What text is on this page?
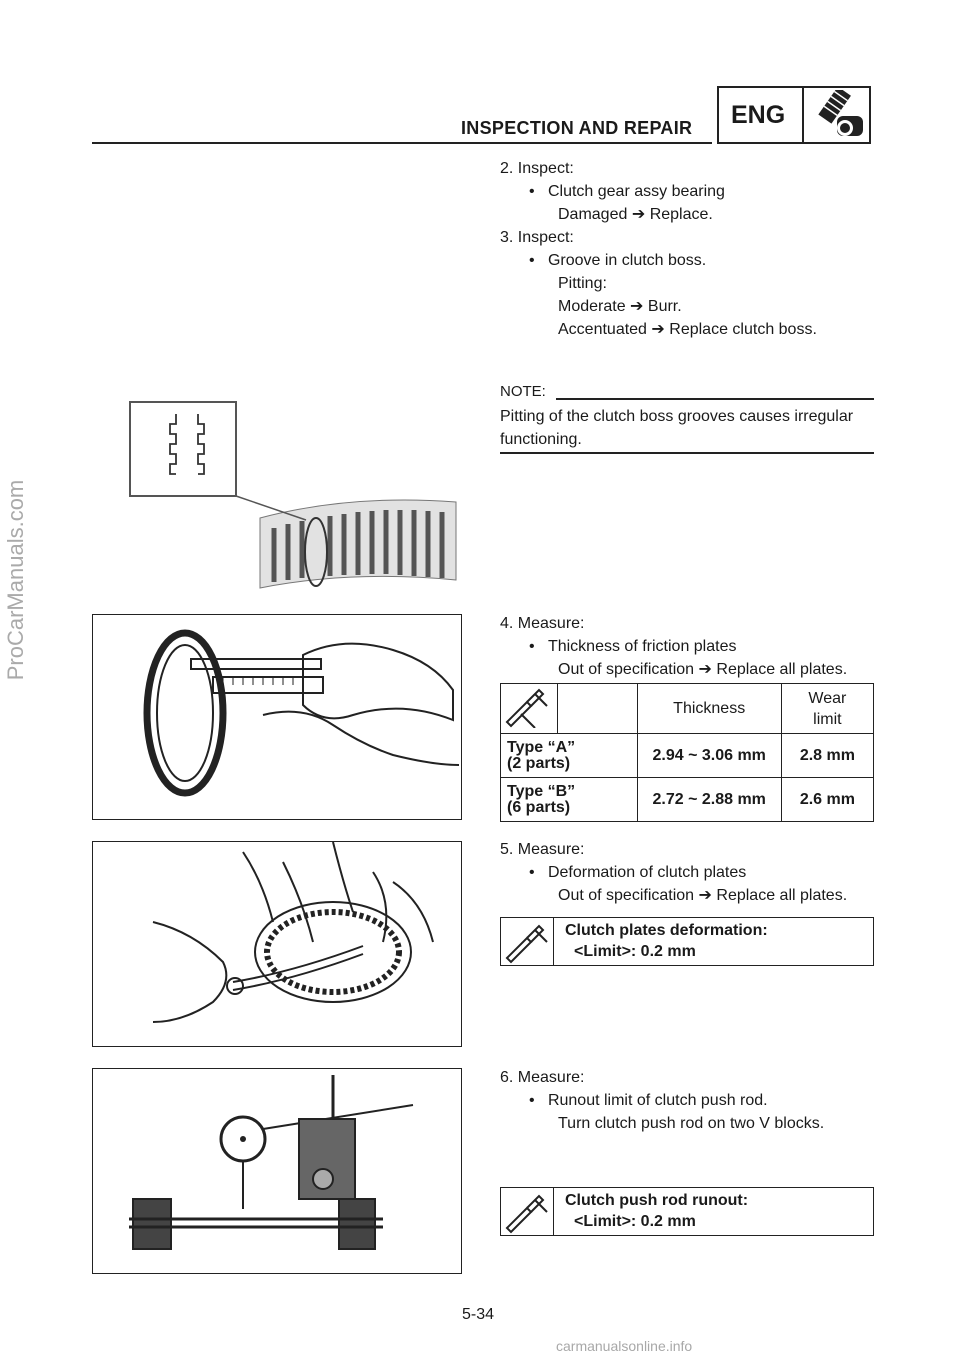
INSPECTION AND REPAIR ENG
2. Inspect:
• Clutch gear assy bearing
Damaged ➔ Replace.
3. Inspect:
• Groove in clutch boss.
Pitting:
Moderate ➔ Burr.
Accentuated ➔ Replace clutch boss.
NOTE:
Pitting of the clutch boss grooves causes irregular functioning.
4. Measure:
• Thickness of friction plates
Out of specification ➔ Replace all plates.
		Thickness	Wear
limit

Type “A”
(2 parts)		2.94 ~ 3.06 mm	2.8 mm

Type “B”
(6 parts)		2.72 ~ 2.88 mm	2.6 mm
5. Measure:
• Deformation of clutch plates
Out of specification ➔ Replace all plates.
Clutch plates deformation:
<Limit>: 0.2 mm
6. Measure:
• Runout limit of clutch push rod.
Turn clutch push rod on two V blocks.
Clutch push rod runout:
<Limit>: 0.2 mm
ProCarManuals.com
5-34
carmanualsonline.info
